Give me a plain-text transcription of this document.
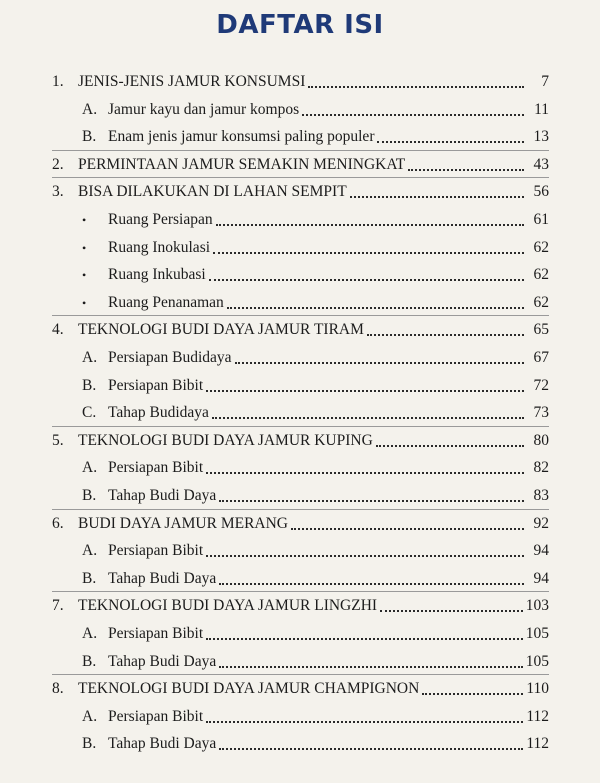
DAFTAR ISI
1. JENIS-JENIS JAMUR KONSUMSI	7
A. Jamur kayu dan jamur kompos	11
B. Enam jenis jamur konsumsi paling populer	13
2. PERMINTAAN JAMUR SEMAKIN MENINGKAT	43
3. BISA DILAKUKAN DI LAHAN SEMPIT	56
•	Ruang Persiapan	61
•	Ruang Inokulasi	62
•	Ruang Inkubasi	62
•	Ruang Penanaman	62
4. TEKNOLOGI BUDI DAYA JAMUR TIRAM	65
A. Persiapan Budidaya	67
B. Persiapan Bibit	72
C. Tahap Budidaya	73
5. TEKNOLOGI BUDI DAYA JAMUR KUPING	80
A. Persiapan Bibit	82
B. Tahap Budi Daya	83
6. BUDI DAYA JAMUR MERANG	92
A. Persiapan Bibit	94
B. Tahap Budi Daya	94
7. TEKNOLOGI BUDI DAYA JAMUR LINGZHI	103
A. Persiapan Bibit	105
B. Tahap Budi Daya	105
8. TEKNOLOGI BUDI DAYA JAMUR CHAMPIGNON	110
A. Persiapan Bibit	112
B. Tahap Budi Daya	112
